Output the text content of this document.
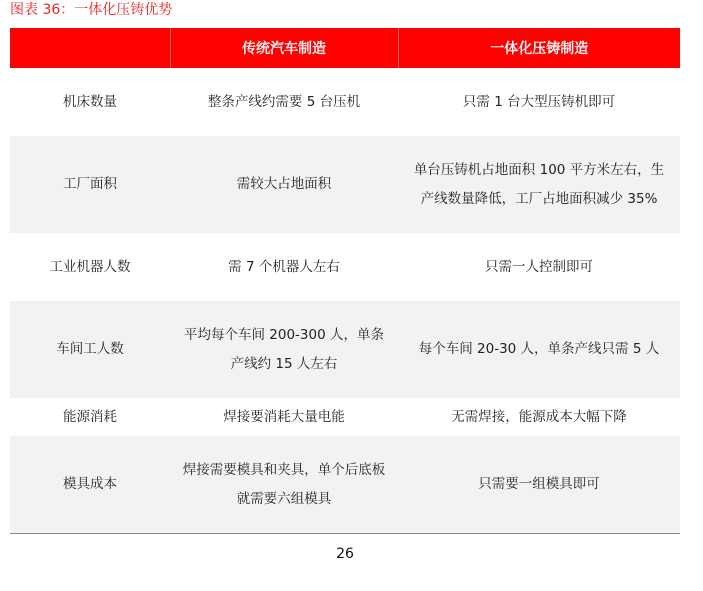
图表 36：一体化压铸优势
	传统汽车制造	一体化压铸制造
机床数量	整条产线约需要 5 台压机	只需 1 台大型压铸机即可
工厂面积	需较大占地面积	单台压铸机占地面积 100 平方米左右，生产线数量降低，工厂占地面积减少 35%
工业机器人数	需 7 个机器人左右	只需一人控制即可
车间工人数	平均每个车间 200-300 人，单条产线约 15 人左右	每个车间 20-30 人，单条产线只需 5 人
能源消耗	焊接要消耗大量电能	无需焊接，能源成本大幅下降
模具成本	焊接需要模具和夹具，单个后底板就需要六组模具	只需要一组模具即可
26
